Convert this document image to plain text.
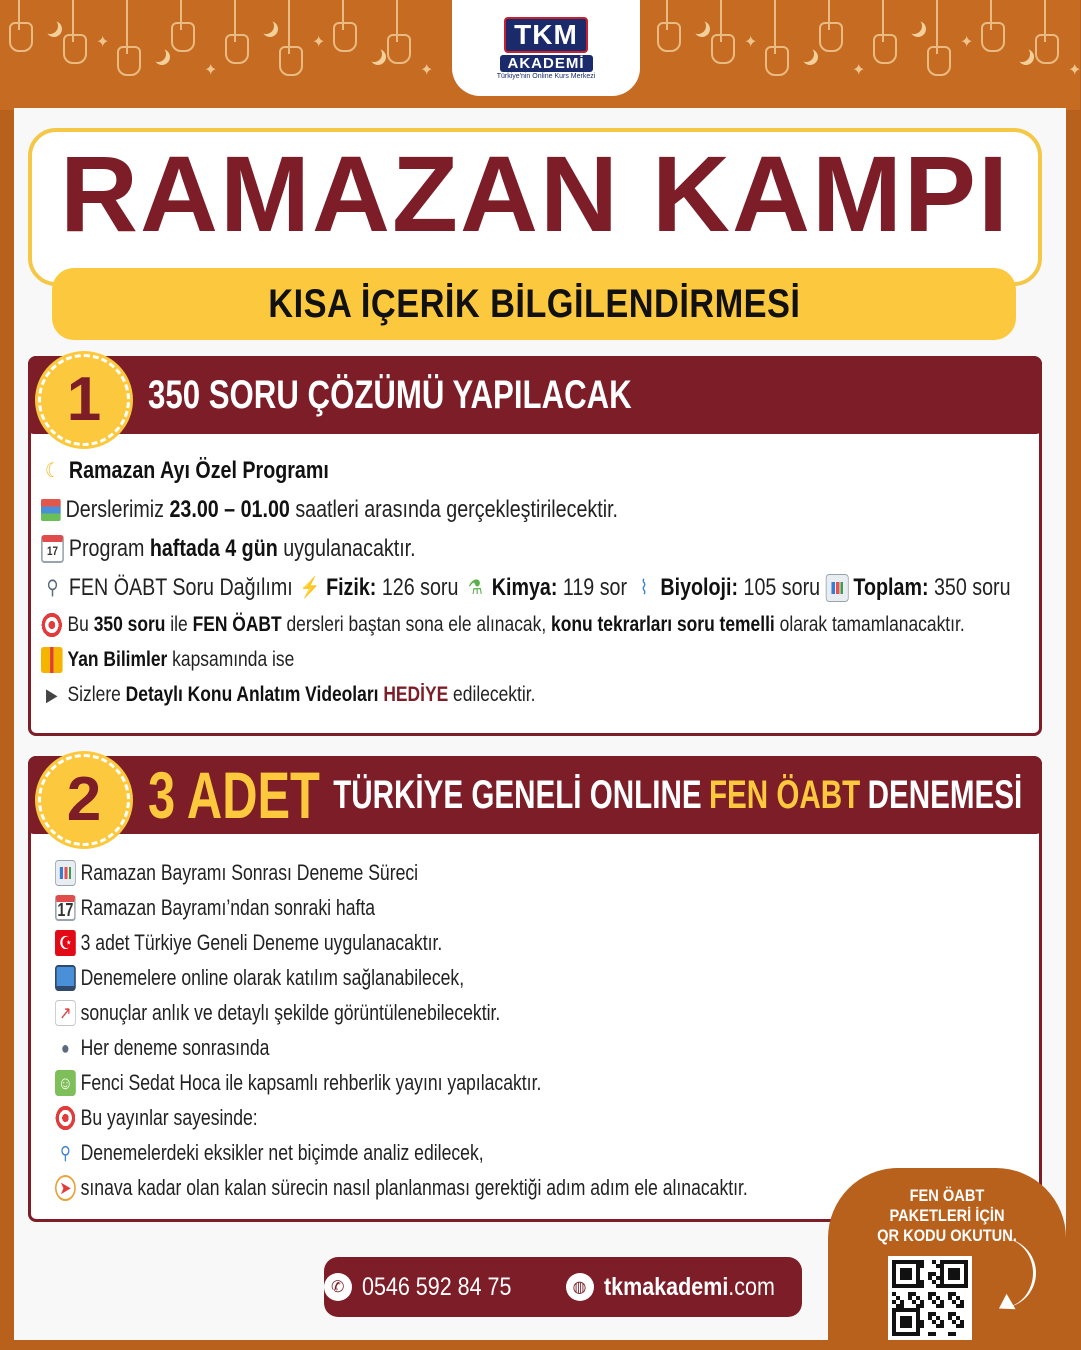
✦
✦
✦
✦
✦
✦
✦
✦
TKM
AKADEMİ
Türkiye'nin Online Kurs Merkezi
RAMAZAN KAMPI
KISA İÇERİK BİLGİLENDİRMESİ
1 350 SORU ÇÖZÜMÜ YAPILACAK
☾ Ramazan Ayı Özel Programı
Derslerimiz 23.00 – 01.00 saatleri arasında gerçekleştirilecektir.
17 Program haftada 4 gün uygulanacaktır.
⚲ FEN ÖABT Soru Dağılımı ⚡ Fizik: 126 soru ⚗ Kimya: 119 sor ⌇ Biyoloji: 105 soru Toplam: 350 soru
Bu 350 soru ile FEN ÖABT dersleri baştan sona ele alınacak, konu tekrarları soru temelli olarak tamamlanacaktır.
Yan Bilimler kapsamında ise
▶ Sizlere Detaylı Konu Anlatım Videoları
HEDİYE edilecektir.
2 3 ADET TÜRKİYE GENELİ ONLINE FEN ÖABT DENEMESİ
Ramazan Bayramı Sonrası Deneme Süreci
17 Ramazan Bayramı’ndan sonraki hafta
☪ 3 adet Türkiye Geneli Deneme uygulanacaktır.
Denemelere online olarak katılım sağlanabilecek,
↗ sonuçlar anlık ve detaylı şekilde görüntülenebilecektir.
● Her deneme sonrasında
☺ Fenci Sedat Hoca ile kapsamlı rehberlik yayını yapılacaktır.
Bu yayınlar sayesinde:
⚲ Denemelerdeki eksikler net biçimde analiz edilecek,
➤ sınava kadar olan kalan sürecin nasıl planlanması gerektiği adım adım ele alınacaktır.
✆ 0546 592 84 75	◍ tkmakademi.com
FEN ÖABT
PAKETLERİ İÇİN
QR KODU OKUTUN.
